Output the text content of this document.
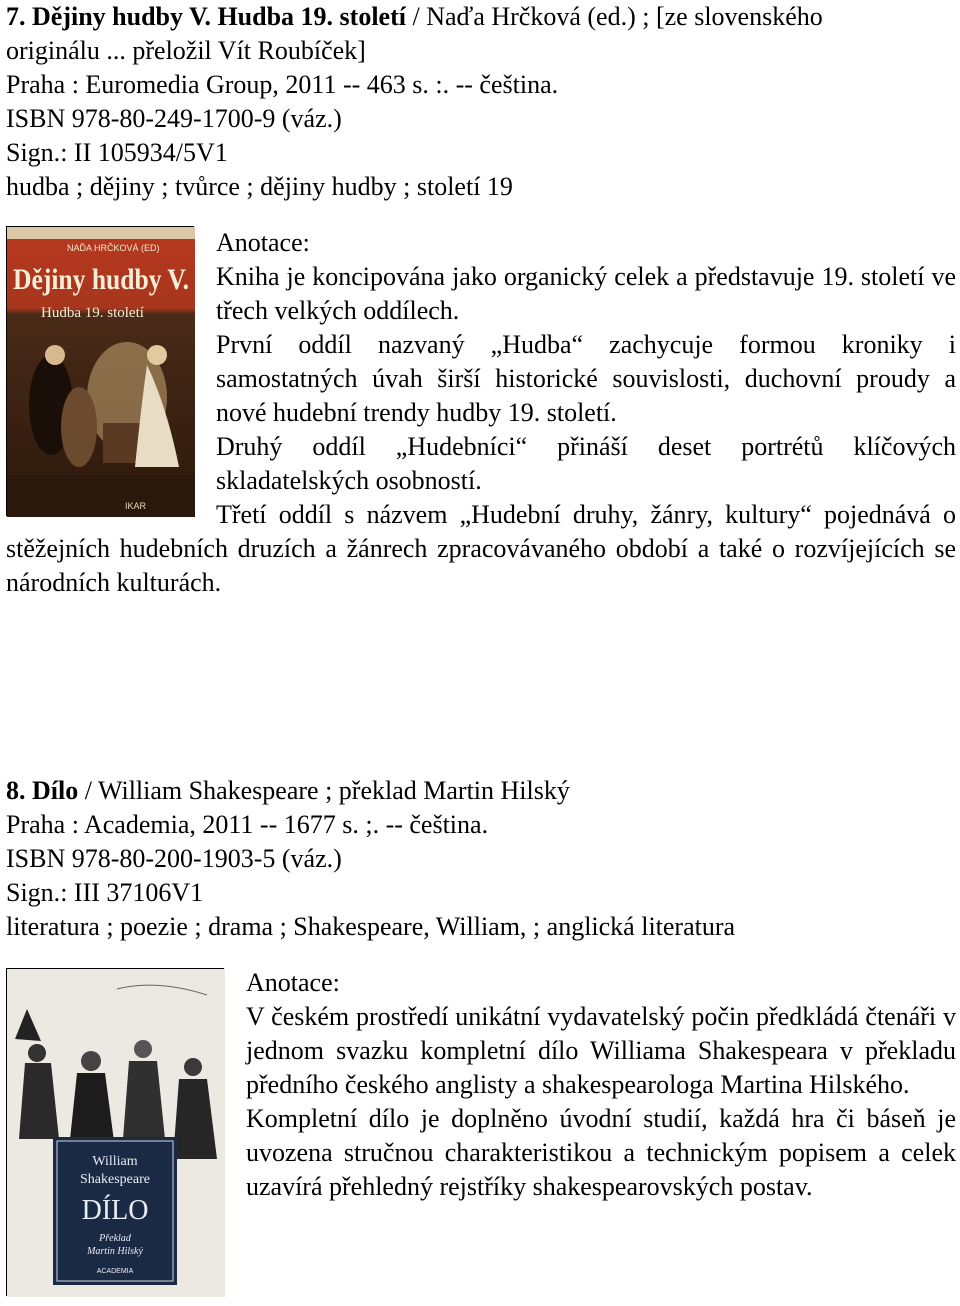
7. Dějiny hudby V. Hudba 19. století / Naďa Hrčková (ed.) ; [ze slovenského
originálu ... přeložil Vít Roubíček]
Praha : Euromedia Group, 2011 -- 463 s. :. -- čeština.
ISBN 978-80-249-1700-9 (váz.)
Sign.: II 105934/5V1
hudba ; dějiny ; tvůrce ; dějiny hudby ; století 19
NAĎA HRČKOVÁ (ED)
Dějiny hudby V.
Hudba 19. století
IKAR
Anotace:

Kniha je koncipována jako organický celek a představuje 19. století ve třech velkých oddílech.

První oddíl nazvaný „Hudba“ zachycuje formou kroniky i samostatných úvah širší historické souvislosti, duchovní proudy a nové hudební trendy hudby 19. století.

Druhý oddíl „Hudebníci“ přináší deset portrétů klíčových skladatelských osobností.

Třetí oddíl s názvem „Hudební druhy, žánry, kultury“ pojednává o stěžejních hudebních druzích a žánrech zpracovávaného období a také o rozvíjejících se národních kulturách.

8. Dílo / William Shakespeare ; překlad Martin Hilský
Praha : Academia, 2011 -- 1677 s. ;. -- čeština.
ISBN 978-80-200-1903-5 (váz.)
Sign.: III 37106V1
literatura ; poezie ; drama ; Shakespeare, William, ; anglická literatura
William
Shakespeare
DÍLO
Překlad
Martin Hilský
ACADEMIA
Anotace:

V českém prostředí unikátní vydavatelský počin předkládá čtenáři v jednom svazku kompletní dílo Williama Shakespeara v překladu předního českého anglisty a shakespearologa Martina Hilského.

Kompletní dílo je doplněno úvodní studií, každá hra či báseň je uvozena stručnou charakteristikou a technickým popisem a celek uzavírá přehledný rejstříky shakespearovských postav.
